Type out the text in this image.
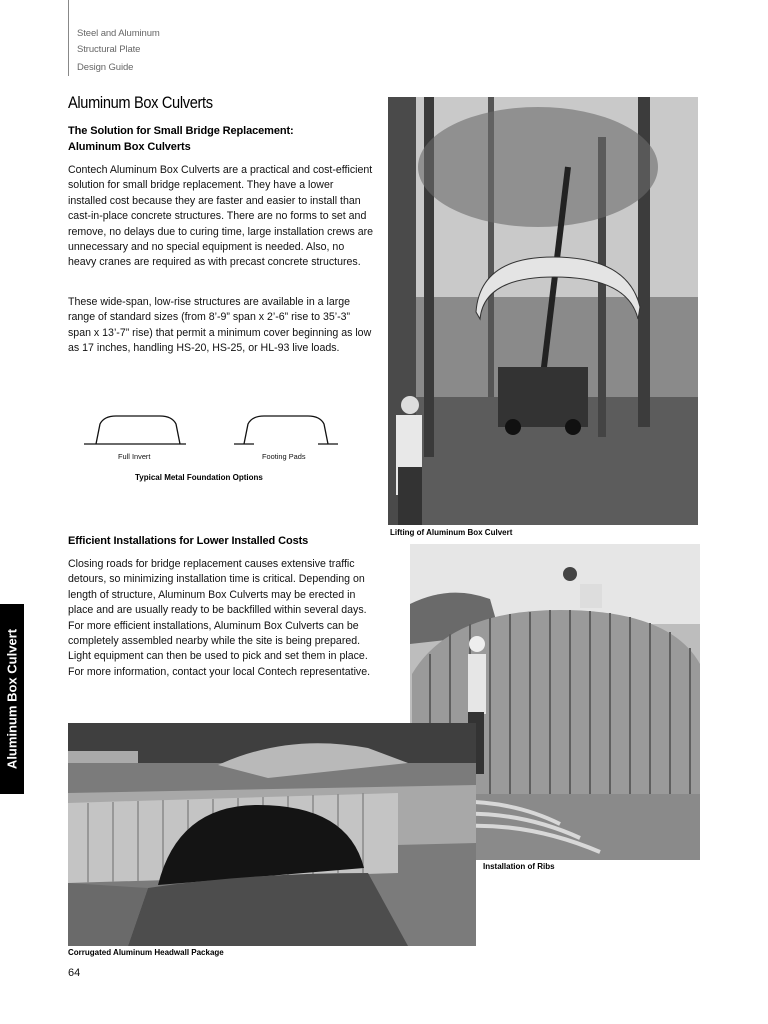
Steel and Aluminum
Structural Plate
Design Guide
Aluminum Box Culverts
The Solution for Small Bridge Replacement:
Aluminum Box Culverts

Contech Aluminum Box Culverts are a practical and cost-efficient solution for small bridge replacement. They have a lower installed cost because they are faster and easier to install than cast-in-place concrete structures. There are no forms to set and remove, no delays due to curing time, large installation crews are unnecessary and no special equipment is needed. Also, no heavy cranes are required as with precast concrete structures.

These wide-span, low-rise structures are available in a large range of standard sizes (from 8’-9” span x 2’-6” rise to 35’-3” span x 13’-7” rise) that permit a minimum cover beginning as low as 17 inches, handling HS-20, HS-25, or HL-93 live loads.

Full Invert	Footing Pads
Typical Metal Foundation Options
Efficient Installations for Lower Installed Costs

Closing roads for bridge replacement causes extensive traffic detours, so minimizing installation time is critical. Depending on length of structure, Aluminum Box Culverts may be erected in place and are usually ready to be backfilled within several days. For more efficient installations, Aluminum Box Culverts can be completely assembled nearby while the site is being prepared. Light equipment can then be used to pick and set them in place. For more information, contact your local Contech representative.

Lifting of Aluminum Box Culvert
Installation of Ribs
Corrugated Aluminum Headwall Package
Aluminum Box Culvert
64
